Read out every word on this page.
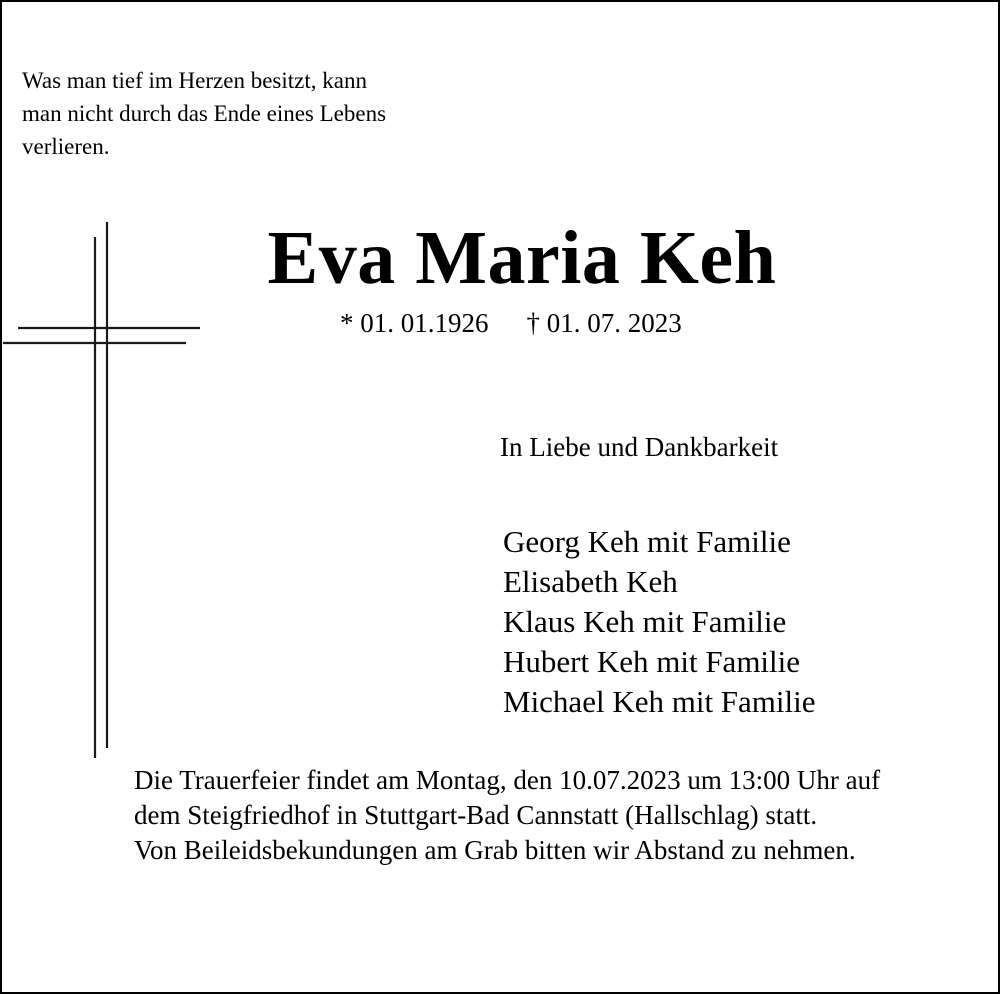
Was man tief im Herzen besitzt, kann
man nicht durch das Ende eines Lebens
verlieren.
Eva Maria Keh
* 01. 01.1926 † 01. 07. 2023
In Liebe und Dankbarkeit
Georg Keh mit Familie
Elisabeth Keh
Klaus Keh mit Familie
Hubert Keh mit Familie
Michael Keh mit Familie
Die Trauerfeier findet am Montag, den 10.07.2023 um 13:00 Uhr auf
dem Steigfriedhof in Stuttgart-Bad Cannstatt (Hallschlag) statt.
Von Beileidsbekundungen am Grab bitten wir Abstand zu nehmen.
